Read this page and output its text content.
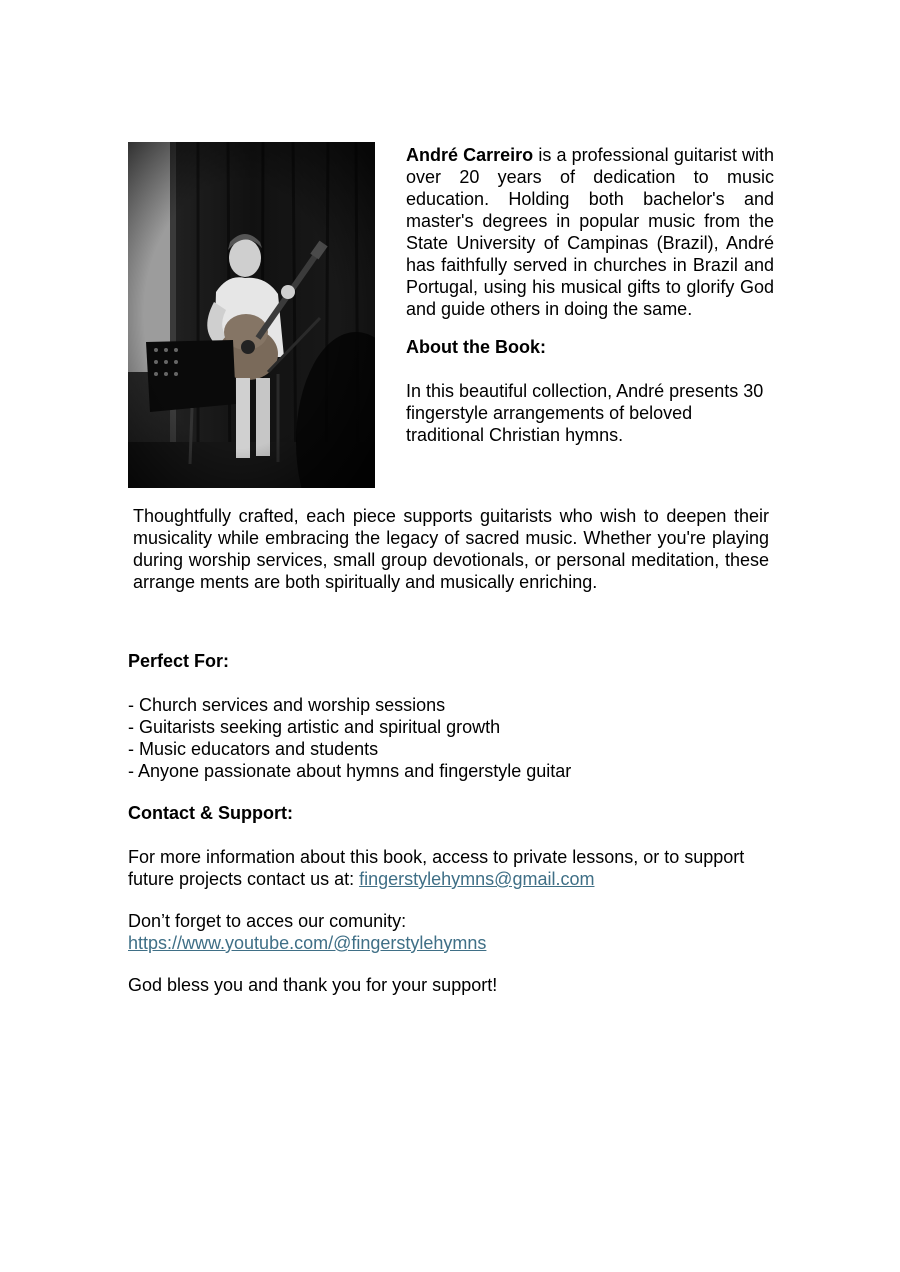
André Carreiro is a professional guitarist with over 20 years of dedication to music education. Holding both bachelor's and master's degrees in popular music from the State University of Campinas (Brazil), André has faithfully served in churches in Brazil and Portugal, using his musical gifts to glorify God and guide others in doing the same.

About the Book:

In this beautiful collection, André presents 30 fingerstyle arrangements of beloved traditional Christian hymns.

Thoughtfully crafted, each piece supports guitarists who wish to deepen their musicality while embracing the legacy of sacred music. Whether you're playing during worship services, small group devotionals, or personal meditation, these arrange ments are both spiritually and musically enriching.

Perfect For:

- Church services and worship sessions
- Guitarists seeking artistic and spiritual growth
- Music educators and students
- Anyone passionate about hymns and fingerstyle guitar

Contact & Support:

For more information about this book, access to private lessons, or to support future projects contact us at: fingerstylehymns@gmail.com

Don’t forget to acces our comunity:

https://www.youtube.com/@fingerstylehymns

God bless you and thank you for your support!
